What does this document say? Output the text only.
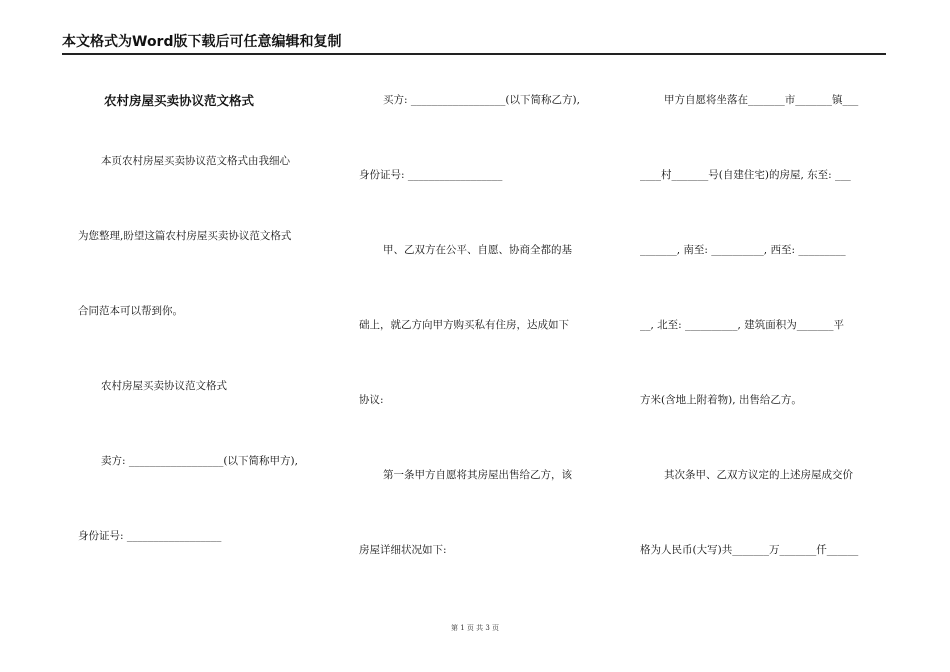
本文格式为Word版下载后可任意编辑和复制
农村房屋买卖协议范文格式
本页农村房屋买卖协议范文格式由我细心
为您整理,盼望这篇农村房屋买卖协议范文格式
合同范本可以帮到你。
农村房屋买卖协议范文格式
卖方: __________________(以下简称甲方),
身份证号: __________________
买方: __________________(以下简称乙方),
身份证号: __________________
甲、乙双方在公平、自愿、协商全都的基
础上，就乙方向甲方购买私有住房，达成如下
协议:
第一条甲方自愿将其房屋出售给乙方，该
房屋详细状况如下:
甲方自愿将坐落在_______市_______镇___
____村_______号(自建住宅)的房屋, 东至: ___
_______, 南至: __________, 西至: _________
__, 北至: __________, 建筑面积为_______平
方米(含地上附着物), 出售给乙方。
其次条甲、乙双方议定的上述房屋成交价
格为人民币(大写)共_______万_______仟______
第 1 页 共 3 页
